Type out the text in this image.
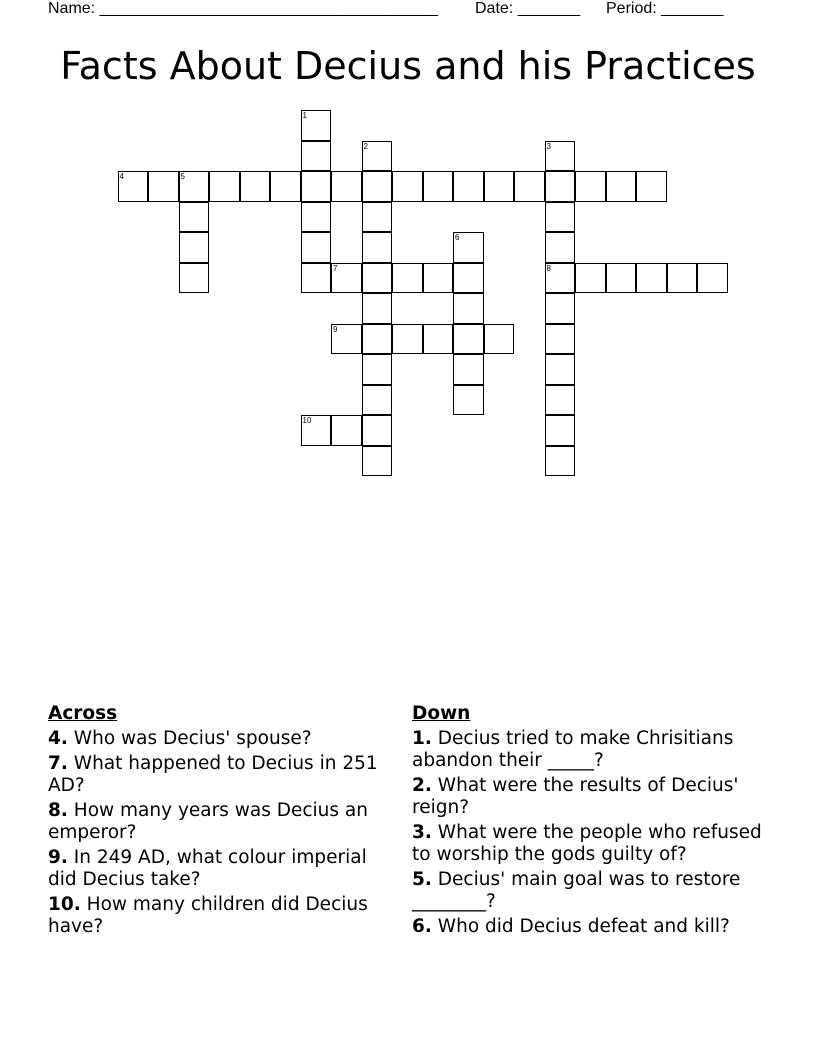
Name: ______________________________________

Date: _______

Period: _______

Facts About Decius and his Practices
1
2	3
8
4	5
6
7
9
10
Across
4. Who was Decius' spouse?
7. What happened to Decius in 251 AD?
8. How many years was Decius an emperor?
9. In 249 AD, what colour imperial did Decius take?
10. How many children did Decius have?
Down
1. Decius tried to make Chrisitians abandon their _____?
2. What were the results of Decius' reign?
3. What were the people who refused to worship the gods guilty of?
5. Decius' main goal was to restore ________?
6. Who did Decius defeat and kill?
